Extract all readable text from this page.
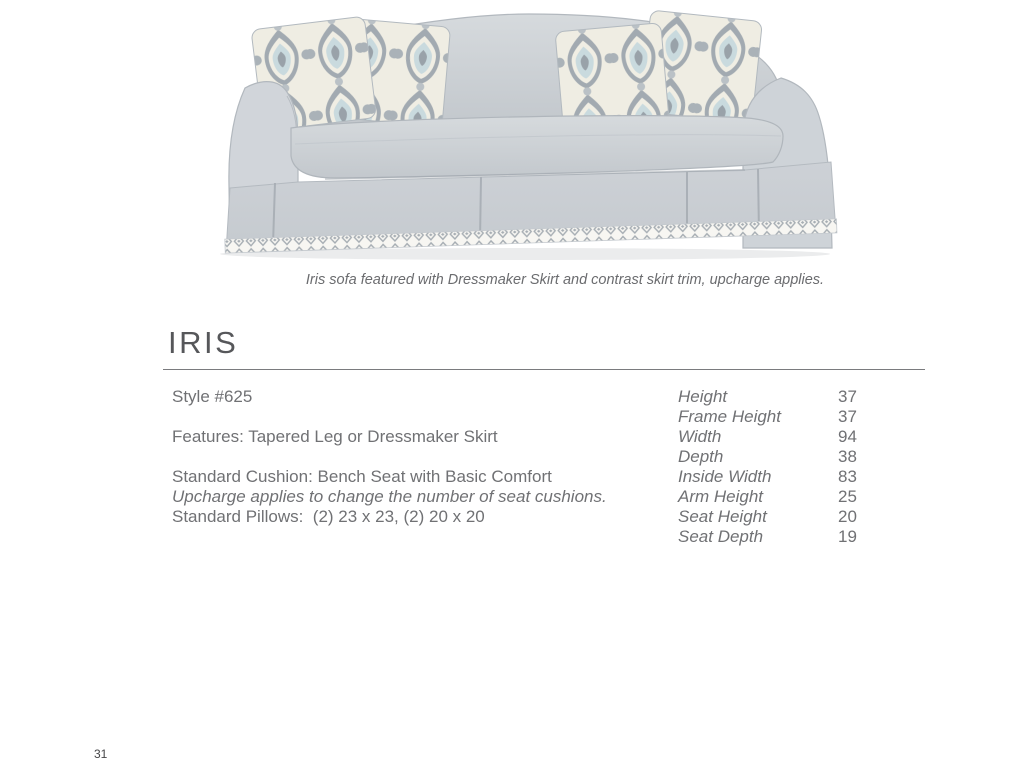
Iris sofa featured with Dressmaker Skirt and contrast skirt trim, upcharge applies.
IRIS
Style #625
Features: Tapered Leg or Dressmaker Skirt
Standard Cushion: Bench Seat with Basic Comfort
Upcharge applies to change the number of seat cushions.
Standard Pillows:  (2) 23 x 23, (2) 20 x 20
Height	37
Frame Height	37
Width	94
Depth	38
Inside Width	83
Arm Height	25
Seat Height	20
Seat Depth	19
31
